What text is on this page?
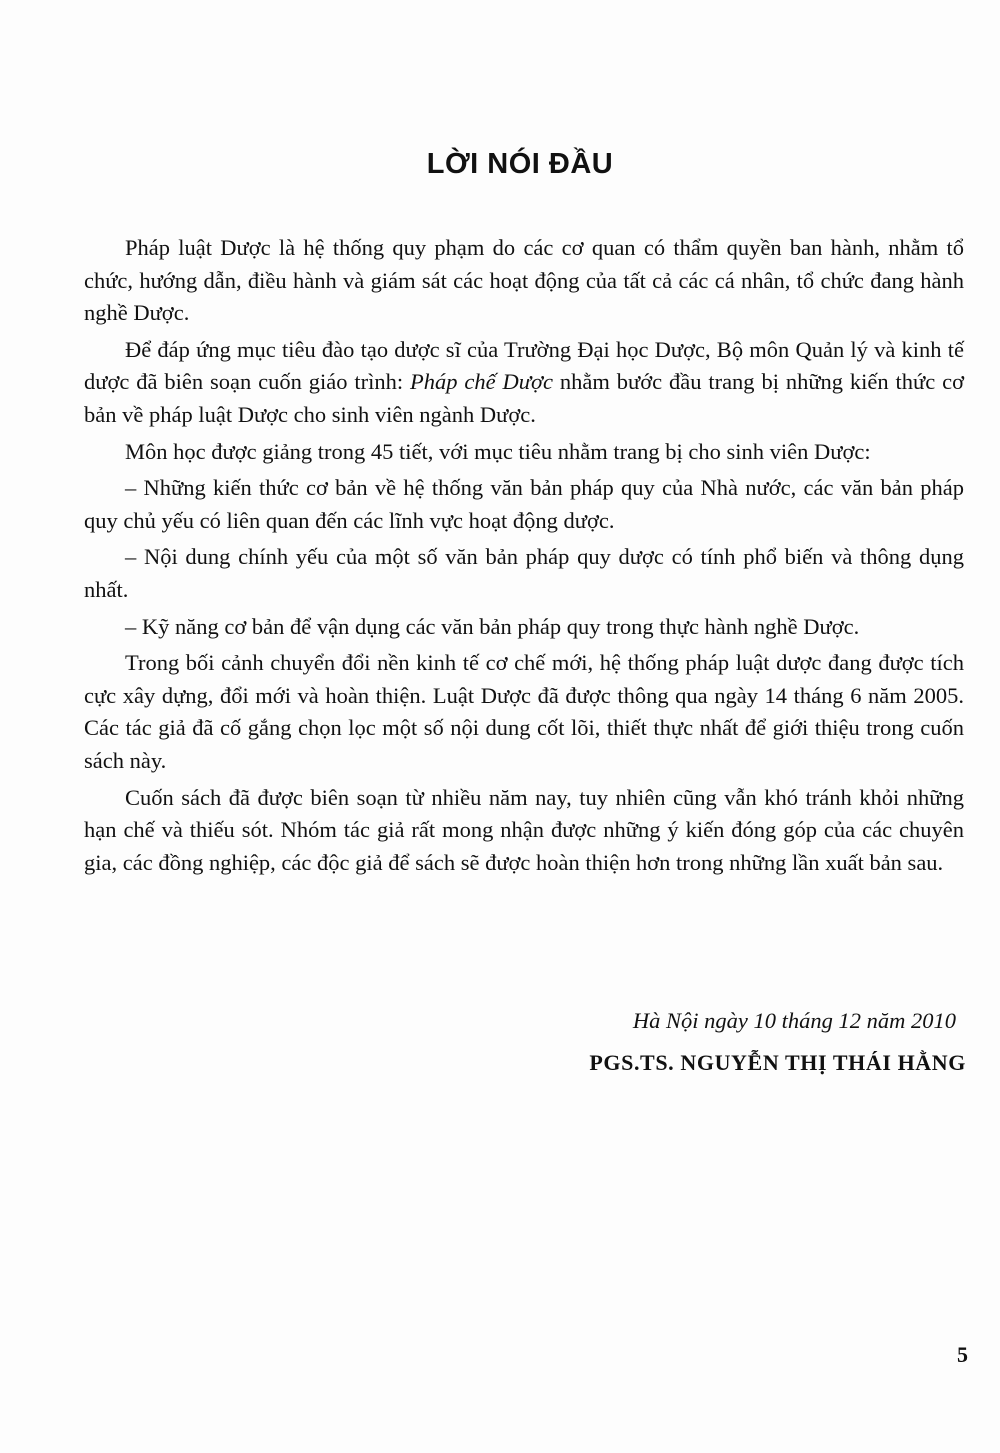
LỜI NÓI ĐẦU

Pháp luật Dược là hệ thống quy phạm do các cơ quan có thẩm quyền ban hành, nhằm tổ chức, hướng dẫn, điều hành và giám sát các hoạt động của tất cả các cá nhân, tổ chức đang hành nghề Dược.

Để đáp ứng mục tiêu đào tạo dược sĩ của Trường Đại học Dược, Bộ môn Quản lý và kinh tế dược đã biên soạn cuốn giáo trình: Pháp chế Dược nhằm bước đầu trang bị những kiến thức cơ bản về pháp luật Dược cho sinh viên ngành Dược.

Môn học được giảng trong 45 tiết, với mục tiêu nhằm trang bị cho sinh viên Dược:

– Những kiến thức cơ bản về hệ thống văn bản pháp quy của Nhà nước, các văn bản pháp quy chủ yếu có liên quan đến các lĩnh vực hoạt động dược.

– Nội dung chính yếu của một số văn bản pháp quy dược có tính phổ biến và thông dụng nhất.

– Kỹ năng cơ bản để vận dụng các văn bản pháp quy trong thực hành nghề Dược.

Trong bối cảnh chuyển đổi nền kinh tế cơ chế mới, hệ thống pháp luật dược đang được tích cực xây dựng, đổi mới và hoàn thiện. Luật Dược đã được thông qua ngày 14 tháng 6 năm 2005. Các tác giả đã cố gắng chọn lọc một số nội dung cốt lõi, thiết thực nhất để giới thiệu trong cuốn sách này.

Cuốn sách đã được biên soạn từ nhiều năm nay, tuy nhiên cũng vẫn khó tránh khỏi những hạn chế và thiếu sót. Nhóm tác giả rất mong nhận được những ý kiến đóng góp của các chuyên gia, các đồng nghiệp, các độc giả để sách sẽ được hoàn thiện hơn trong những lần xuất bản sau.

Hà Nội ngày 10 tháng 12 năm 2010
PGS.TS. NGUYỄN THỊ THÁI HẰNG
5
